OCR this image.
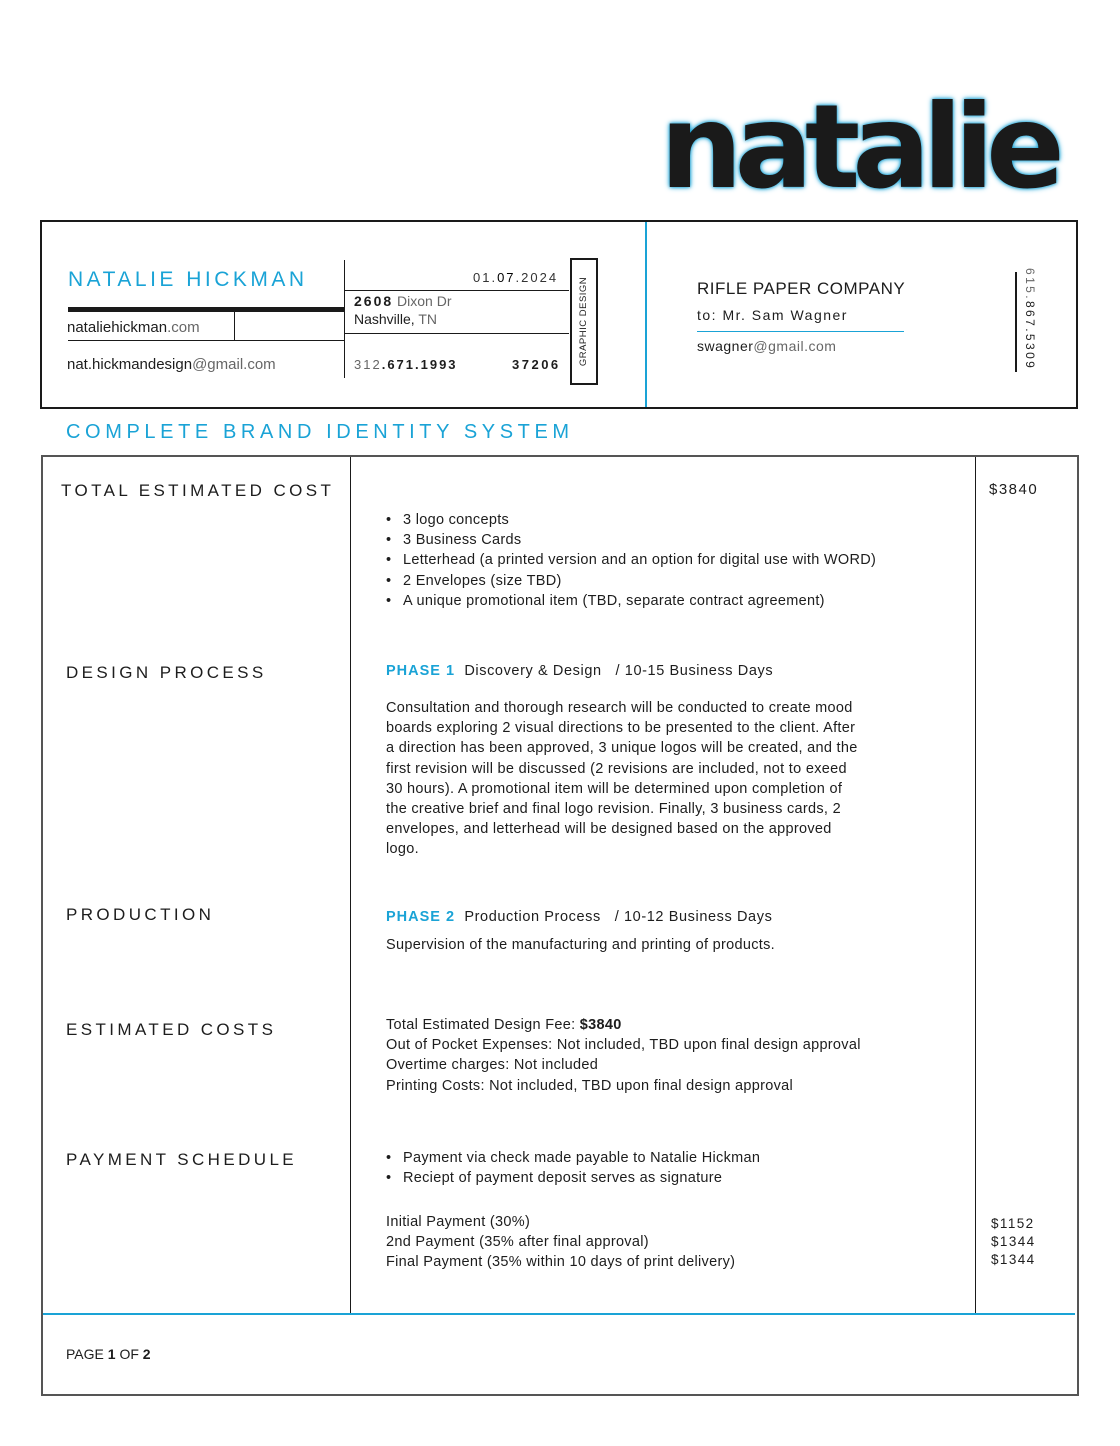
natalie
NATALIE HICKMAN
nataliehickman.com
nat.hickmandesign@gmail.com
01.07.2024
2608 Dixon Dr
Nashville, TN
312.671.1993	37206 GRAPHIC DESIGN	RIFLE PAPER COMPANY
to: Mr. Sam Wagner
swagner@gmail.com
615.867.5309
COMPLETE BRAND IDENTITY SYSTEM
TOTAL ESTIMATED COST	$3840
• 3 logo concepts
• 3 Business Cards
• Letterhead (a printed version and an option for digital use with WORD)
• 2 Envelopes (size TBD)
• A unique promotional item (TBD, separate contract agreement)
DESIGN PROCESS	PHASE 1 Discovery & Design / 10-15 Business Days
Consultation and thorough research will be conducted to create mood boards exploring 2 visual directions to be presented to the client. After a direction has been approved, 3 unique logos will be created, and the first revision will be discussed (2 revisions are included, not to exeed 30 hours). A promotional item will be determined upon completion of the creative brief and final logo revision. Finally, 3 business cards, 2 envelopes, and letterhead will be designed based on the approved logo.
PRODUCTION	PHASE 2 Production Process / 10-12 Business Days
Supervision of the manufacturing and printing of products.
ESTIMATED COSTS	Total Estimated Design Fee: $3840
Out of Pocket Expenses: Not included, TBD upon final design approval
Overtime charges: Not included
Printing Costs: Not included, TBD upon final design approval
PAYMENT SCHEDULE
•	Payment via check made payable to Natalie Hickman
• Reciept of payment deposit serves as signature
Initial Payment (30%)
2nd Payment (35% after final approval)
Final Payment (35% within 10 days of print delivery)
$1152
$1344
$1344
PAGE 1 OF 2
